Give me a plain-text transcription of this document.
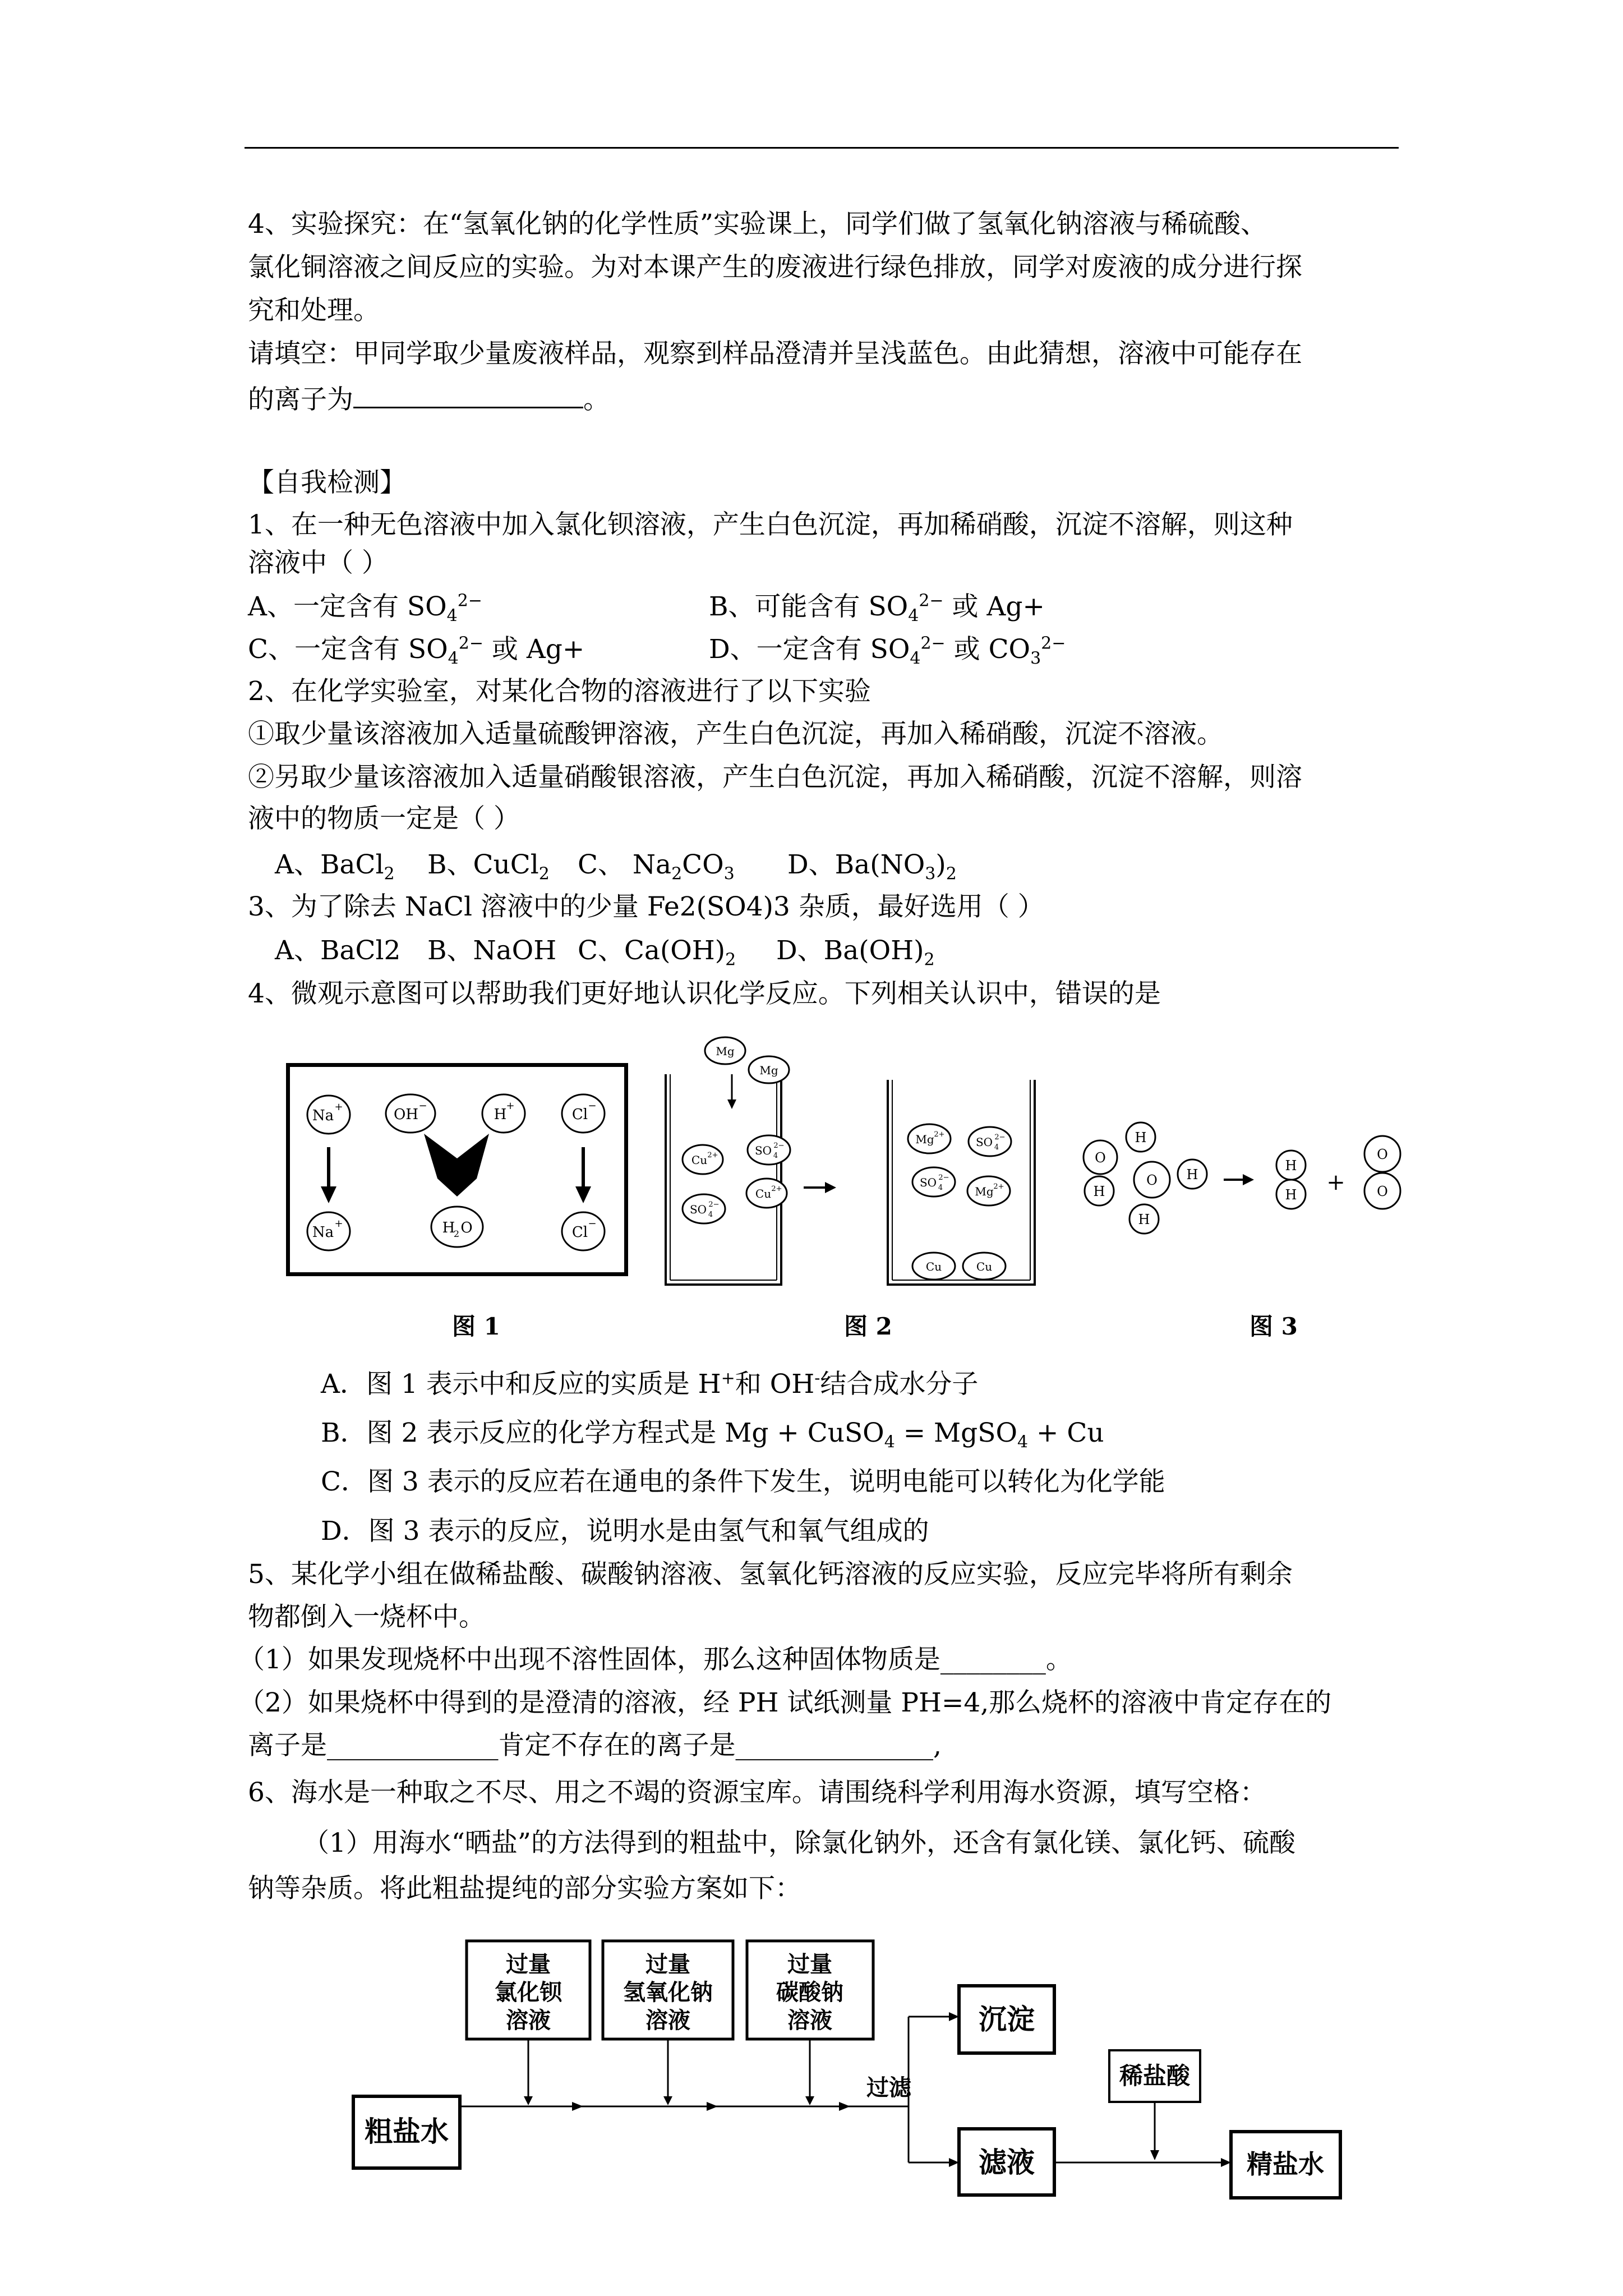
4、实验探究：在“氢氧化钠的化学性质”实验课上，同学们做了氢氧化钠溶液与稀硫酸、
氯化铜溶液之间反应的实验。为对本课产生的废液进行绿色排放，同学对废液的成分进行探
究和处理。
请填空：甲同学取少量废液样品，观察到样品澄清并呈浅蓝色。由此猜想，溶液中可能存在
的离子为	。
【自我检测】
1、在一种无色溶液中加入氯化钡溶液，产生白色沉淀，再加稀硝酸，沉淀不溶解，则这种
溶液中（ ）
A、一定含有 $SO_4^{2-}$	B、可能含有 $SO_4^{2-}$ 或 Ag+
C、一定含有 $SO_4^{2-}$ 或 Ag+	D、一定含有 $SO_4^{2-}$ 或 $CO_3^{2-}$
2、在化学实验室，对某化合物的溶液进行了以下实验
①取少量该溶液加入适量硫酸钾溶液，产生白色沉淀，再加入稀硝酸，沉淀不溶液。
②另取少量该溶液加入适量硝酸银溶液，产生白色沉淀，再加入稀硝酸，沉淀不溶解，则溶
液中的物质一定是（ ）
A、BaCl$_2$ B、CuCl$_2$ C、 $Na_2CO_3$ D、$Ba(NO_3)_2$
3、为了除去 NaCl 溶液中的少量 Fe2(SO4)3 杂质，最好选用（ ）
A、BaCl2 B、NaOH C、$Ca(OH)_2$ D、$Ba(OH)_2$
4、微观示意图可以帮助我们更好地认识化学反应。下列相关认识中，错误的是
Na
+	OH
−
H
+
Cl
−
Na
+	H
2 O	Cl
−
Mg
Mg
Cu 2+	SO 4
2−
Cu 2+
SO 4
2−
Mg 2+
SO 4
2−
SO 4
2−
Mg 2+
Cu	Cu
O
H
H
O H
H
H
H +
O
O
图 1	图 2	图 3
A．图 1 表示中和反应的实质是 H+和 OH-结合成水分子
B．图 2 表示反应的化学方程式是 Mg + CuSO$_4$ = MgSO$_4$ + Cu
C．图 3 表示的反应若在通电的条件下发生，说明电能可以转化为化学能
D．图 3 表示的反应，说明水是由氢气和氧气组成的
5、某化学小组在做稀盐酸、碳酸钠溶液、氢氧化钙溶液的反应实验，反应完毕将所有剩余
物都倒入一烧杯中。
（1）如果发现烧杯中出现不溶性固体，那么这种固体物质是________。
（2）如果烧杯中得到的是澄清的溶液，经 PH 试纸测量 PH=4,那么烧杯的溶液中肯定存在的
离子是_____________肯定不存在的离子是_______________,
6、海水是一种取之不尽、用之不竭的资源宝库。请围绕科学利用海水资源，填写空格：
（1）用海水“晒盐”的方法得到的粗盐中，除氯化钠外，还含有氯化镁、氯化钙、硫酸
钠等杂质。将此粗盐提纯的部分实验方案如下：
过量
氯化钡
溶液
过量
氢氧化钠
溶液
过量
碳酸钠
溶液
粗盐水
过滤
沉淀
滤液
稀盐酸
精盐水
